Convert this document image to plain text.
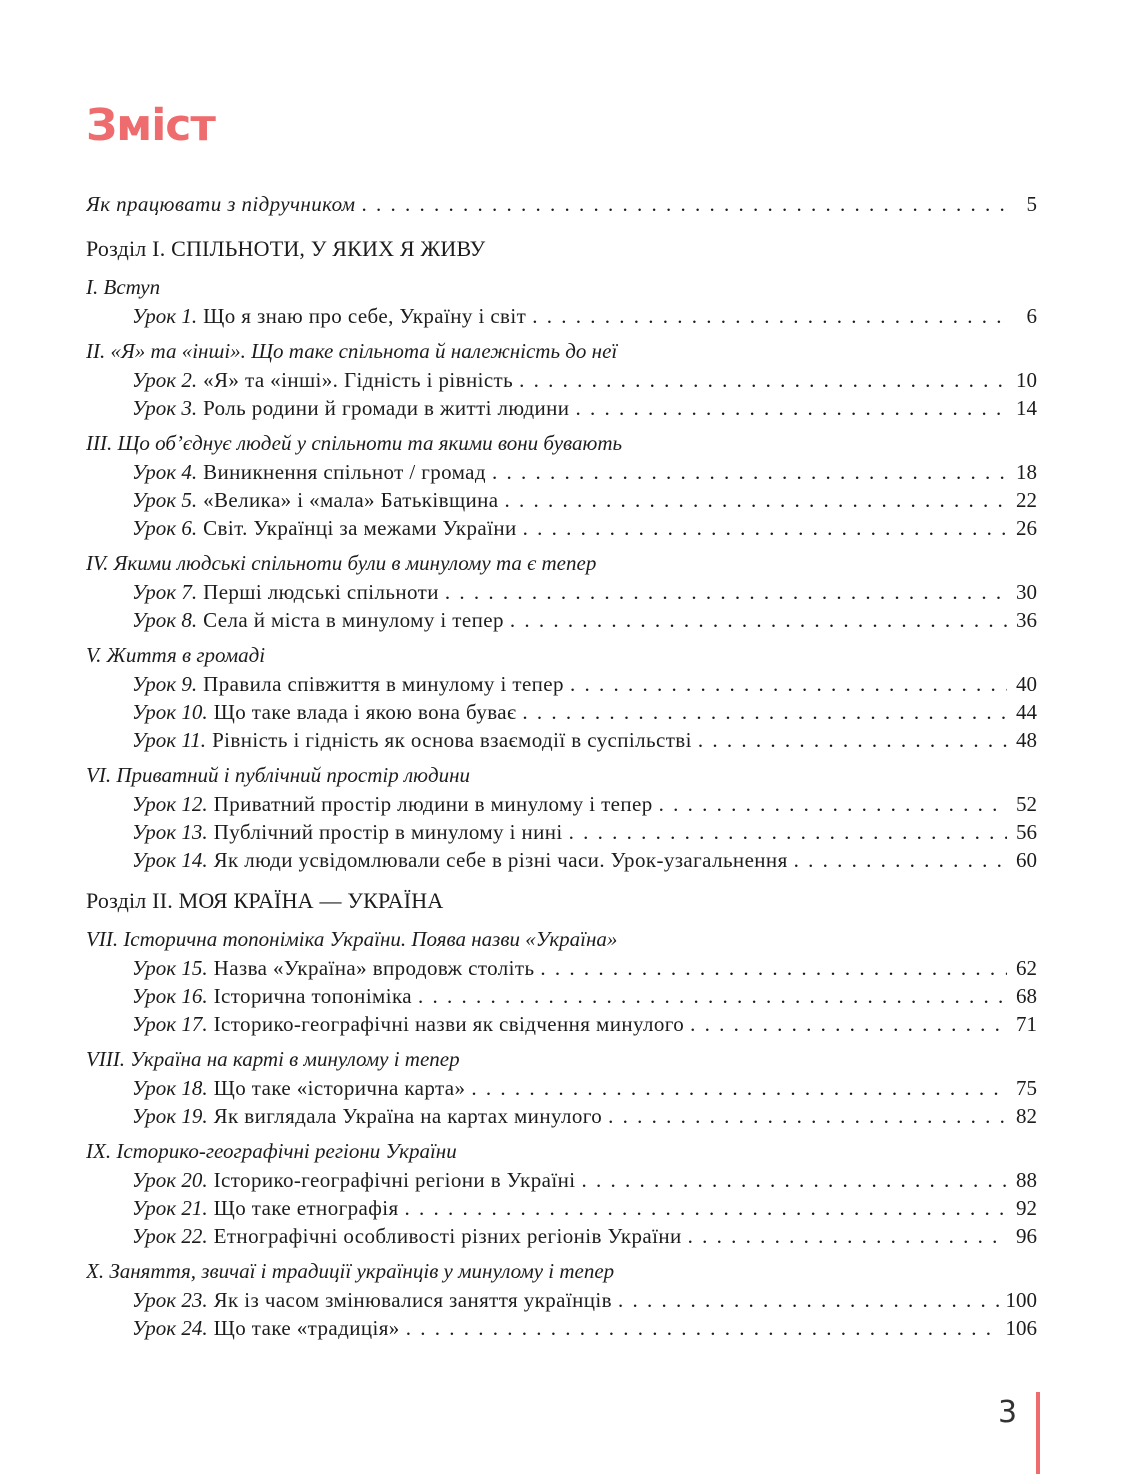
Зміст
Як працювати з підручником . . .	5
Розділ І. СПІЛЬНОТИ, У ЯКИХ Я ЖИВУ
І. Вступ
Урок 1. Що я знаю про себе, Україну і світ . . .	6
ІІ. «Я» та «інші». Що таке спільнота й належність до неї
Урок 2. «Я» та «інші». Гідність і рівність . . .	10
Урок 3. Роль родини й громади в житті людини . . .	14
ІІІ. Що об’єднує людей у спільноти та якими вони бувають
Урок 4. Виникнення спільнот / громад . . .	18
Урок 5. «Велика» і «мала» Батьківщина . . .	22
Урок 6. Світ. Українці за межами України . . .	26
ІV. Якими людські спільноти були в минулому та є тепер
Урок 7. Перші людські спільноти . . .	30
Урок 8. Села й міста в минулому і тепер . . .	36
V. Життя в громаді
Урок 9. Правила співжиття в минулому і тепер . . .	40
Урок 10. Що таке влада і якою вона буває . . .	44
Урок 11. Рівність і гідність як основа взаємодії в суспільстві . . .	48
VІ. Приватний і публічний простір людини
Урок 12. Приватний простір людини в минулому і тепер . . .	52
Урок 13. Публічний простір в минулому і нині . . .	56
Урок 14. Як люди усвідомлювали себе в різні часи. Урок-узагальнення . . .	60
Розділ ІІ. МОЯ КРАЇНА — УКРАЇНА
VІІ. Історична топоніміка України. Поява назви «Україна»
Урок 15. Назва «Україна» впродовж століть . . .	62
Урок 16. Історична топоніміка . . .	68
Урок 17. Історико-географічні назви як свідчення минулого . . .	71
VІІІ. Україна на карті в минулому і тепер
Урок 18. Що таке «історична карта» . . .	75
Урок 19. Як виглядала Україна на картах минулого . . .	82
ІХ. Історико-географічні регіони України
Урок 20. Історико-географічні регіони в Україні . . .	88
Урок 21. Що таке етнографія . . .	92
Урок 22. Етнографічні особливості різних регіонів України . . .	96
Х. Заняття, звичаї і традиції українців у минулому і тепер
Урок 23. Як із часом змінювалися заняття українців . . .	100
Урок 24. Що таке «традиція» . . .	106
3
